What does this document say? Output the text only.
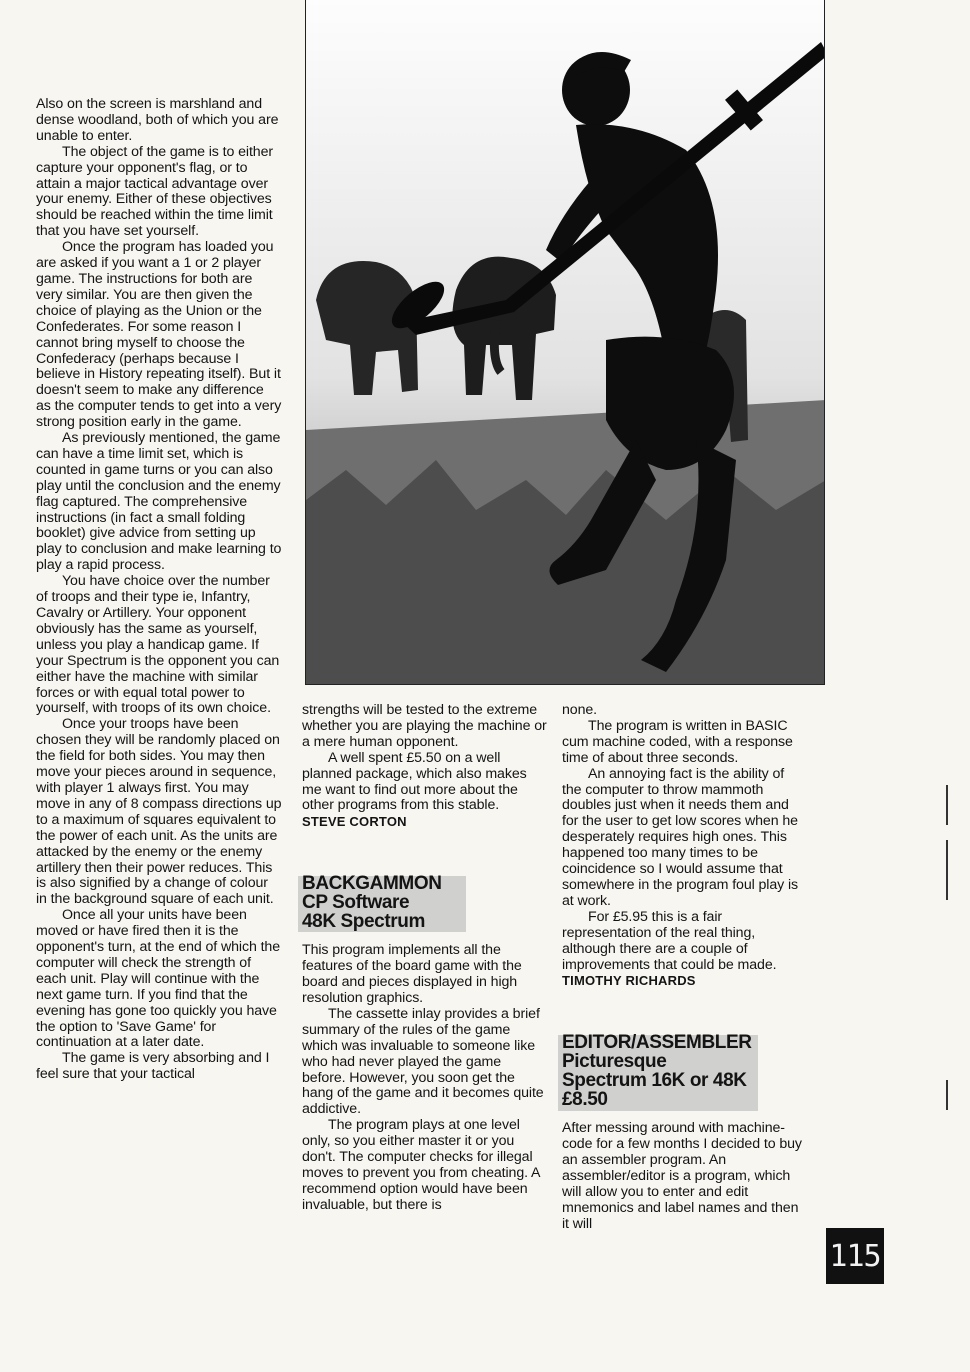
Also on the screen is marshland and dense woodland, both of which you are unable to enter.

The object of the game is to either capture your opponent's flag, or to attain a major tactical advantage over your enemy. Either of these objectives should be reached within the time limit that you have set yourself.

Once the program has loaded you are asked if you want a 1 or 2 player game. The instructions for both are very similar. You are then given the choice of playing as the Union or the Confederates. For some reason I cannot bring myself to choose the Confederacy (perhaps because I believe in History repeating itself). But it doesn't seem to make any difference as the computer tends to get into a very strong position early in the game.

As previously mentioned, the game can have a time limit set, which is counted in game turns or you can also play until the conclusion and the enemy flag captured. The comprehensive instructions (in fact a small folding booklet) give advice from setting up play to conclusion and make learning to play a rapid process.

You have choice over the number of troops and their type ie, Infantry, Cavalry or Artillery. Your opponent obviously has the same as yourself, unless you play a handicap game. If your Spectrum is the opponent you can either have the machine with similar forces or with equal total power to yourself, with troops of its own choice.

Once your troops have been chosen they will be randomly placed on the field for both sides. You may then move your pieces around in sequence, with player 1 always first. You may move in any of 8 compass directions up to a maximum of squares equivalent to the power of each unit. As the units are attacked by the enemy or the enemy artillery then their power reduces. This is also signified by a change of colour in the background square of each unit.

Once all your units have been moved or have fired then it is the opponent's turn, at the end of which the computer will check the strength of each unit. Play will continue with the next game turn. If you find that the evening has gone too quickly you have the option to 'Save Game' for continuation at a later date.

The game is very absorbing and I feel sure that your tactical

strengths will be tested to the extreme whether you are playing the machine or a mere human opponent.

A well spent £5.50 on a well planned package, which also makes me want to find out more about the other programs from this stable.

STEVE CORTON

BACKGAMMON
CP Software
48K Spectrum

This program implements all the features of the board game with the board and pieces displayed in high resolution graphics.

The cassette inlay provides a brief summary of the rules of the game which was invaluable to someone like who had never played the game before. However, you soon get the hang of the game and it becomes quite addictive.

The program plays at one level only, so you either master it or you don't. The computer checks for illegal moves to prevent you from cheating. A recommend option would have been invaluable, but there is

none.

The program is written in BASIC cum machine coded, with a response time of about three seconds.

An annoying fact is the ability of the computer to throw mammoth doubles just when it needs them and for the user to get low scores when he desperately requires high ones. This happened too many times to be coincidence so I would assume that somewhere in the program foul play is at work.

For £5.95 this is a fair representation of the real thing, although there are a couple of improvements that could be made.

TIMOTHY RICHARDS

EDITOR/ASSEMBLER
Picturesque
Spectrum 16K or 48K
£8.50

After messing around with machine-code for a few months I decided to buy an assembler program. An assembler/editor is a program, which will allow you to enter and edit mnemonics and label names and then it will

115
